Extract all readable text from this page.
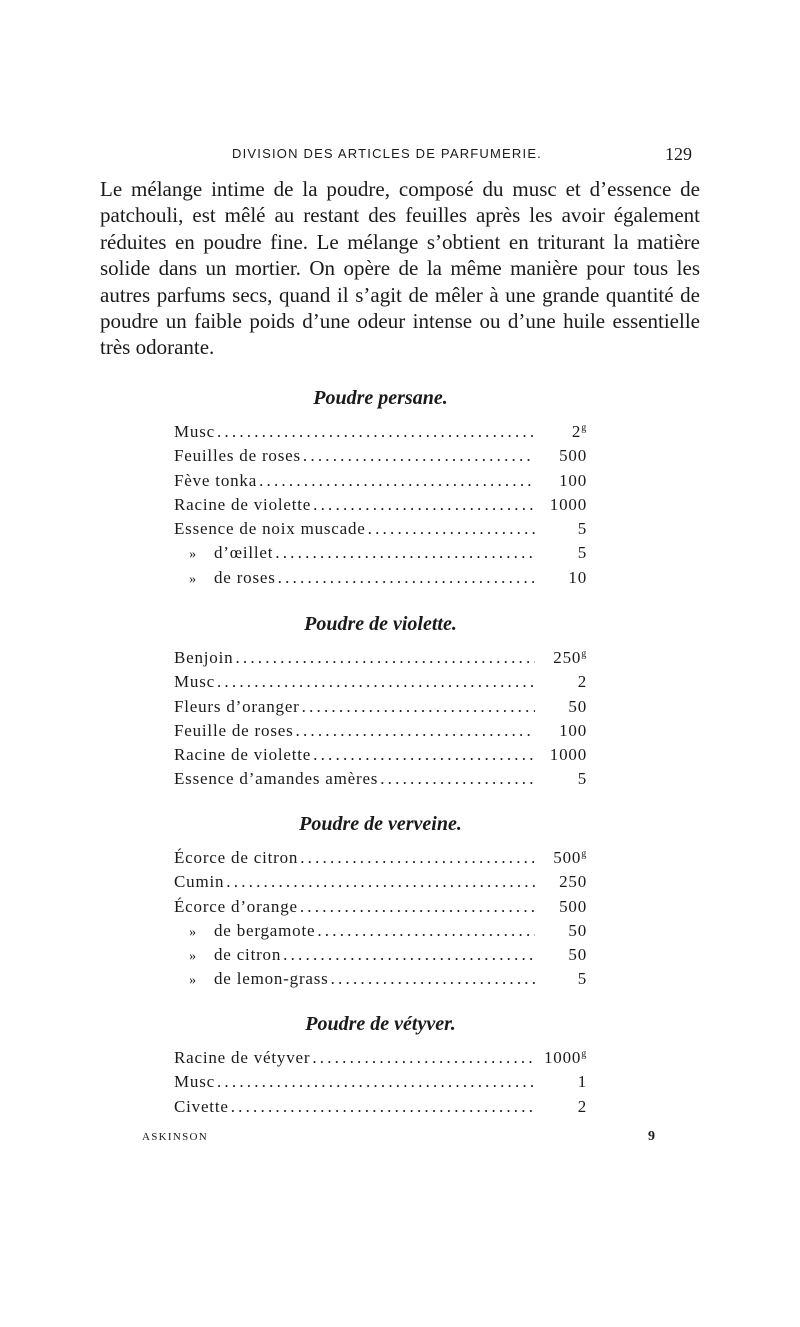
DIVISION DES ARTICLES DE PARFUMERIE.	129

Le mélange intime de la poudre, composé du musc et d’essence de patchouli, est mêlé au restant des feuilles après les avoir également réduites en poudre fine. Le mélange s’obtient en triturant la matière solide dans un mortier. On opère de la même manière pour tous les autres parfums secs, quand il s’agit de mêler à une grande quantité de poudre un faible poids d’une odeur intense ou d’une huile essentielle très odorante.

Poudre persane.
Musc .....	2$^g$
Feuilles de roses .....	500
Fève tonka .....	100
Racine de violette .....	1000
Essence de noix muscade .....	5
»	d’œillet .....	5
»	de roses .....	10
Poudre de violette.
Benjoin .....	250$^g$
Musc .....	2
Fleurs d’oranger .....	50
Feuille de roses .....	100
Racine de violette .....	1000
Essence d’amandes amères .....	5
Poudre de verveine.
Écorce de citron .....	500$^g$
Cumin .....	250
Écorce d’orange .....	500
»	de bergamote .....	50
»	de citron .....	50
»	de lemon-grass .....	5
Poudre de vétyver.
Racine de vétyver .....	1000$^g$
Musc .....	1
Civette .....	2
ASKINSON	9
